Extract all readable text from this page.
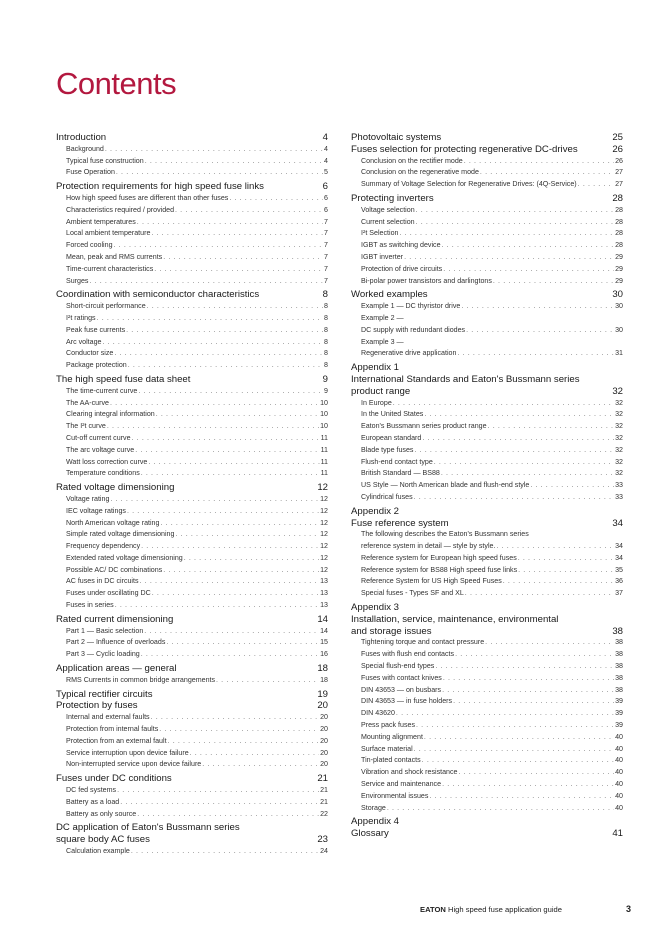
Contents
Introduction	4
Background . . .	4
Typical fuse construction . . .	4
Fuse Operation . . .	5
Protection requirements for high speed fuse links	6
How high speed fuses are different than other fuses . . .	6
Characteristics required / provided . . .	6
Ambient temperatures . . .	7
Local ambient temperature . . .	7
Forced cooling . . .	7
Mean, peak and RMS currents . . .	7
Time-current characteristics . . .	7
Surges . . .	7
Coordination with semiconductor characteristics	8
Short-circuit performance . . .	8
I²t ratings . . .	8
Peak fuse currents . . .	8
Arc voltage . . .	8
Conductor size . . .	8
Package protection . . .	8
The high speed fuse data sheet	9
The time-current curve . . .	9
The AA-curve . . .	10
Clearing integral information . . .	10
The I²t curve . . .	10
Cut-off current curve . . .	11
The arc voltage curve . . .	11
Watt loss correction curve . . .	11
Temperature conditions . . .	11
Rated voltage dimensioning	12
Voltage rating . . .	12
IEC voltage ratings . . .	12
North American voltage rating . . .	12
Simple rated voltage dimensioning . . .	12
Frequency dependency . . .	12
Extended rated voltage dimensioning . . .	12
Possible AC/ DC combinations . . .	12
AC fuses in DC circuits . . .	13
Fuses under oscillating DC . . .	13
Fuses in series . . .	13
Rated current dimensioning	14
Part 1 — Basic selection . . .	14
Part 2 — Influence of overloads . . .	15
Part 3 — Cyclic loading . . .	16
Application areas — general	18
RMS Currents in common bridge arrangements . . .	18
Typical rectifier circuits	19
Protection by fuses	20
Internal and external faults . . .	20
Protection from internal faults . . .	20
Protection from an external fault . . .	20
Service interruption upon device failure . . .	20
Non-interrupted service upon device failure . . .	20
Fuses under DC conditions	21
DC fed systems . . .	21
Battery as a load . . .	21
Battery as only source . . .	22
DC application of Eaton's Bussmann series
square body AC fuses	23
Calculation example . . .	24
Photovoltaic systems	25
Fuses selection for protecting regenerative DC-drives	26
Conclusion on the rectifier mode . . .	26
Conclusion on the regenerative mode . . .	27
Summary of Voltage Selection for Regenerative Drives: (4Q-Service) . . .	27
Protecting inverters	28
Voltage selection . . .	28
Current selection . . .	28
I²t Selection . . .	28
IGBT as switching device . . .	28
IGBT inverter . . .	29
Protection of drive circuits . . .	29
Bi-polar power transistors and darlingtons . . .	29
Worked examples	30
Example 1 — DC thyristor drive . . .	30
Example 2 —
DC supply with redundant diodes . . .	30
Example 3 —
Regenerative drive application . . .	31
Appendix 1
International Standards and Eaton's Bussmann series
product range	32
In Europe . . .	32
In the United States . . .	32
Eaton's Bussmann series product range . . .	32
European standard . . .	32
Blade type fuses . . .	32
Flush-end contact type . . .	32
British Standard — BS88 . . .	32
US Style — North American blade and flush-end style . . .	33
Cylindrical fuses . . .	33
Appendix 2
Fuse reference system	34
The following describes the Eaton's Bussmann series
reference system in detail — style by style. . . .	34
Reference system for European high speed fuses . . .	34
Reference system for BS88 High speed fuse links . . .	35
Reference System for US High Speed Fuses . . .	36
Special fuses - Types SF and XL . . .	37
Appendix 3
Installation, service, maintenance, environmental
and storage issues	38
Tightening torque and contact pressure . . .	38
Fuses with flush end contacts . . .	38
Special flush-end types . . .	38
Fuses with contact knives . . .	38
DIN 43653 — on busbars . . .	38
DIN 43653 — in fuse holders . . .	39
DIN 43620 . . .	39
Press pack fuses . . .	39
Mounting alignment . . .	40
Surface material . . .	40
Tin-plated contacts . . .	40
Vibration and shock resistance . . .	40
Service and maintenance . . .	40
Environmental issues . . .	40
Storage . . .	40
Appendix 4
Glossary	41
EATON High speed fuse application guide	3
